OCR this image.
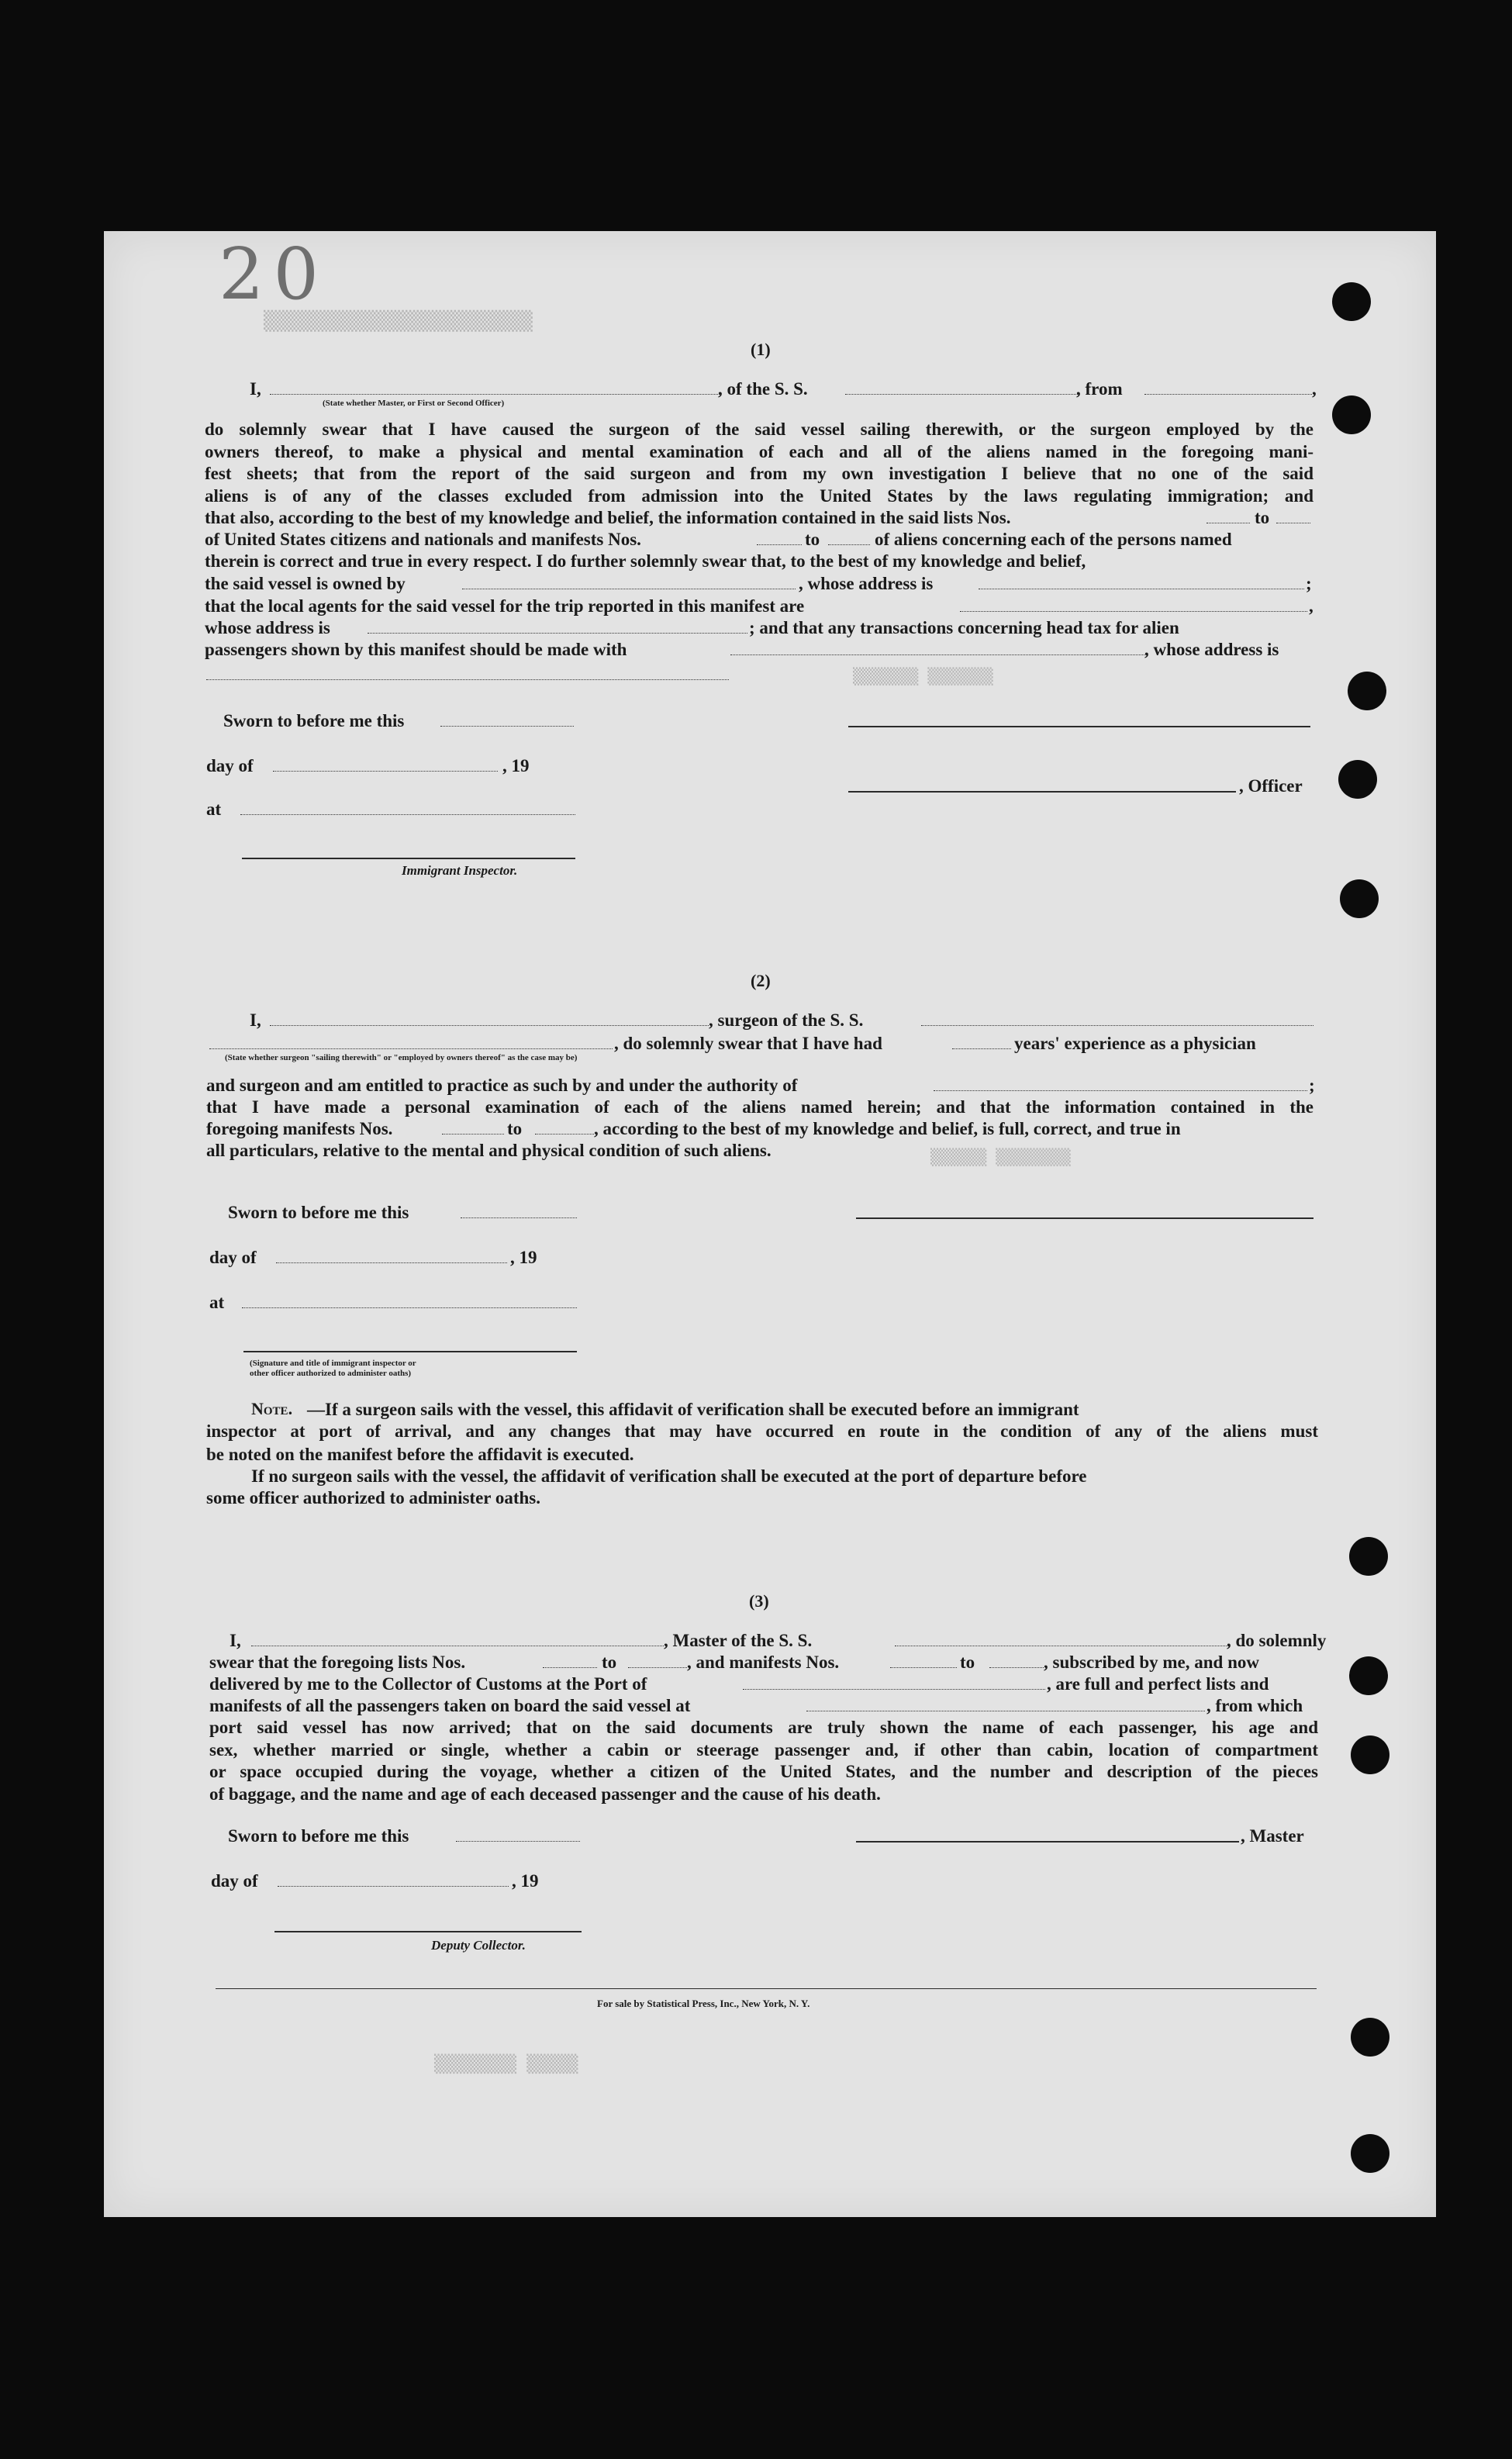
20
▒▒▒▒▒▒▒▒▒▒▒▒▒▒▒▒▒▒▒▒▒▒▒▒
▒▒▒▒▒▒▒ ▒▒▒▒▒▒▒
▒▒▒▒▒▒ ▒▒▒▒▒▒▒▒
▒▒▒▒▒▒▒▒ ▒▒▒▒▒
(1)
I,	, of the S. S.	, from	,
(State whether Master, or First or Second Officer)
do solemnly swear that I have caused the surgeon of the said vessel sailing therewith, or the surgeon employed by the
owners thereof, to make a physical and mental examination of each and all of the aliens named in the foregoing mani-
fest sheets; that from the report of the said surgeon and from my own investigation I believe that no one of the said
aliens is of any of the classes excluded from admission into the United States by the laws regulating immigration; and
that also, according to the best of my knowledge and belief, the information contained in the said lists Nos.	to
of United States citizens and nationals and manifests Nos.	to	of aliens concerning each of the persons named
therein is correct and true in every respect. I do further solemnly swear that, to the best of my knowledge and belief,
the said vessel is owned by	, whose address is	;
that the local agents for the said vessel for the trip reported in this manifest are	,
whose address is	; and that any transactions concerning head tax for alien
passengers shown by this manifest should be made with	, whose address is
Sworn to before me this
day of	, 19
, Officer
at
Immigrant Inspector.
(2)
I,	, surgeon of the S. S.
, do solemnly swear that I have had	years' experience as a physician
(State whether surgeon "sailing therewith" or "employed by owners thereof" as the case may be)
and surgeon and am entitled to practice as such by and under the authority of	;
that I have made a personal examination of each of the aliens named herein; and that the information contained in the
foregoing manifests Nos.	to	, according to the best of my knowledge and belief, is full, correct, and true in
all particulars, relative to the mental and physical condition of such aliens.
Sworn to before me this
day of	, 19
at
(Signature and title of immigrant inspector or
other officer authorized to administer oaths)
Note. —If a surgeon sails with the vessel, this affidavit of verification shall be executed before an immigrant
inspector at port of arrival, and any changes that may have occurred en route in the condition of any of the aliens must
be noted on the manifest before the affidavit is executed.
If no surgeon sails with the vessel, the affidavit of verification shall be executed at the port of departure before
some officer authorized to administer oaths.
(3)
I,	, Master of the S. S.	, do solemnly
swear that the foregoing lists Nos.	to	, and manifests Nos.	to	, subscribed by me, and now
delivered by me to the Collector of Customs at the Port of	, are full and perfect lists and
manifests of all the passengers taken on board the said vessel at	, from which
port said vessel has now arrived; that on the said documents are truly shown the name of each passenger, his age and
sex, whether married or single, whether a cabin or steerage passenger and, if other than cabin, location of compartment
or space occupied during the voyage, whether a citizen of the United States, and the number and description of the pieces
of baggage, and the name and age of each deceased passenger and the cause of his death.
Sworn to before me this	, Master
day of	, 19
Deputy Collector.
For sale by Statistical Press, Inc., New York, N. Y.
